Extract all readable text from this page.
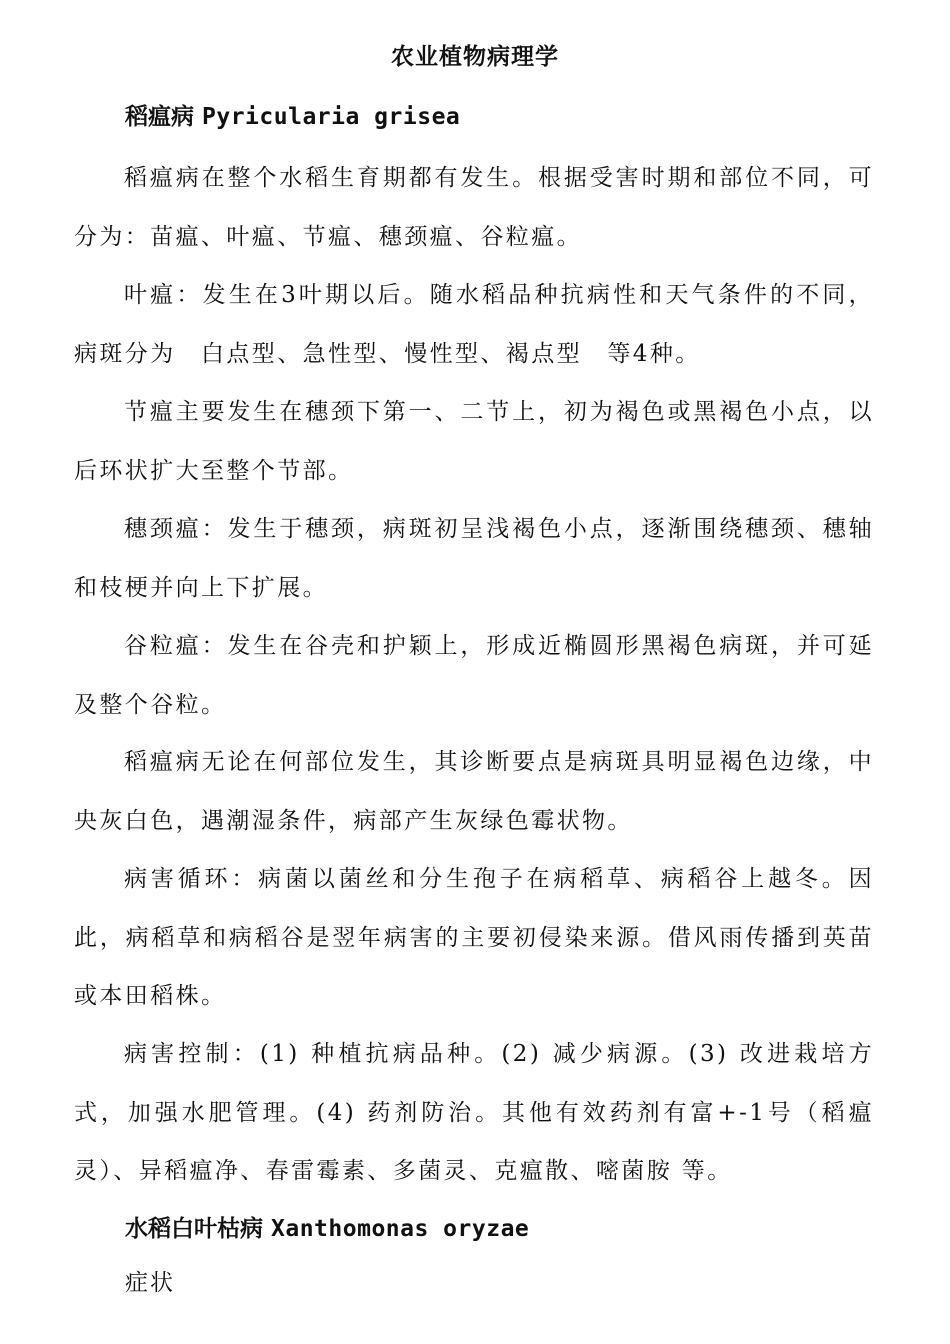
农业植物病理学
稻瘟病 Pyricularia grisea

稻瘟病在整个水稻生育期都有发生。根据受害时期和部位不同，可分为：苗瘟、叶瘟、节瘟、穗颈瘟、谷粒瘟。

叶瘟：发生在3叶期以后。随水稻品种抗病性和天气条件的不同，病斑分为　白点型、急性型、慢性型、褐点型　等4种。

节瘟主要发生在穗颈下第一、二节上，初为褐色或黑褐色小点，以后环状扩大至整个节部。

穗颈瘟：发生于穗颈，病斑初呈浅褐色小点，逐渐围绕穗颈、穗轴和枝梗并向上下扩展。

谷粒瘟：发生在谷壳和护颖上，形成近椭圆形黑褐色病斑，并可延及整个谷粒。

稻瘟病无论在何部位发生，其诊断要点是病斑具明显褐色边缘，中央灰白色，遇潮湿条件，病部产生灰绿色霉状物。

病害循环：病菌以菌丝和分生孢子在病稻草、病稻谷上越冬。因此，病稻草和病稻谷是翌年病害的主要初侵染来源。借风雨传播到英苗或本田稻株。

病害控制：(1) 种植抗病品种。(2) 减少病源。(3) 改进栽培方式，加强水肥管理。(4) 药剂防治。其他有效药剂有富+-1号（稻瘟灵）、异稻瘟净、春雷霉素、多菌灵、克瘟散、嘧菌胺 等。

水稻白叶枯病 Xanthomonas oryzae
症状
